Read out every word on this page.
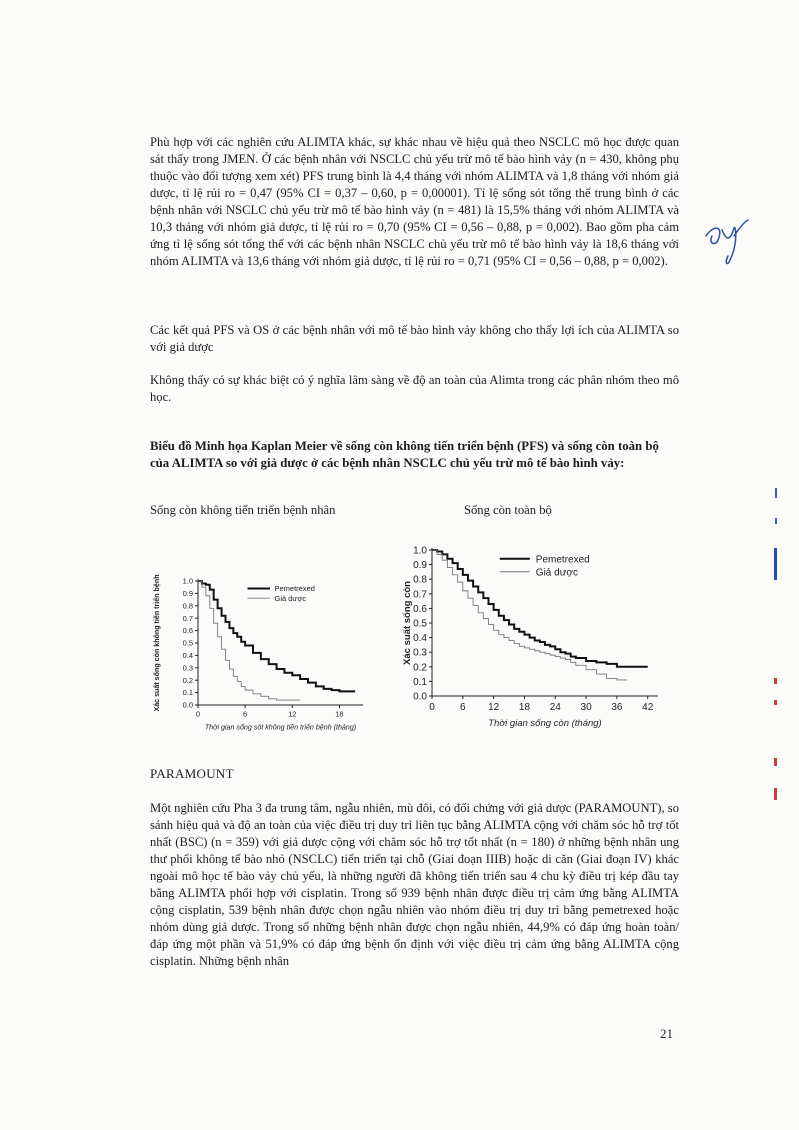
Phù hợp với các nghiên cứu ALIMTA khác, sự khác nhau về hiệu quả theo NSCLC mô học được quan sát thấy trong JMEN. Ở các bệnh nhân với NSCLC chủ yếu trừ mô tế bào hình vảy (n = 430, không phụ thuộc vào đối tượng xem xét) PFS trung bình là 4,4 tháng với nhóm ALIMTA và 1,8 tháng với nhóm giả dược, tỉ lệ rủi ro = 0,47 (95% CI = 0,37 – 0,60, p = 0,00001). Tỉ lệ sống sót tổng thể trung bình ở các bệnh nhân với NSCLC chủ yếu trừ mô tế bào hình vảy (n = 481) là 15,5% tháng với nhóm ALIMTA và 10,3 tháng với nhóm giả dược, tỉ lệ rủi ro = 0,70 (95% CI = 0,56 – 0,88, p = 0,002). Bao gồm pha cảm ứng tỉ lệ sống sót tổng thể với các bệnh nhân NSCLC chủ yếu trừ mô tế bào hình vảy là 18,6 tháng với nhóm ALIMTA và 13,6 tháng với nhóm giả dược, tỉ lệ rủi ro = 0,71 (95% CI = 0,56 – 0,88, p = 0,002).

Các kết quả PFS và OS ở các bệnh nhân với mô tế bào hình vảy không cho thấy lợi ích của ALIMTA so với giả dược

Không thấy có sự khác biệt có ý nghĩa lâm sàng về độ an toàn của Alimta trong các phân nhóm theo mô học.

Biểu đồ Minh họa Kaplan Meier về sống còn không tiến triển bệnh (PFS) và sống còn toàn bộ của ALIMTA so với giả dược ở các bệnh nhân NSCLC chủ yếu trừ mô tế bào hình vảy:

Sống còn không tiến triển bệnh nhân	Sống còn toàn bộ
0.0
0.1
0.2
0.3
0.4
0.5
0.6
0.7
0.8
0.9
1.0
0	6	12	18
Thời gian sống sót không tiến triển bệnh (tháng)
Xác suất sống còn không tiến triển bệnh	Pemetrexed
Giả dược
0.0
0.1
0.2
0.3
0.4
0.5
0.6
0.7
0.8
0.9
1.0
0	6 12 18 24 30 36 42
Thời gian sống còn (tháng)
Xác suất sống còn
Pemetrexed
Giả dược
PARAMOUNT

Một nghiên cứu Pha 3 đa trung tâm, ngẫu nhiên, mù đôi, có đối chứng với giả dược (PARAMOUNT), so sánh hiệu quả và độ an toàn của việc điều trị duy trì liên tục bằng ALIMTA cộng với chăm sóc hỗ trợ tốt nhất (BSC) (n = 359) với giả dược cộng với chăm sóc hỗ trợ tốt nhất (n = 180) ở những bệnh nhân ung thư phổi không tế bào nhỏ (NSCLC) tiến triển tại chỗ (Giai đoạn IIIB) hoặc di căn (Giai đoạn IV) khác ngoài mô học tế bào vảy chủ yếu, là những người đã không tiến triển sau 4 chu kỳ điều trị kép đầu tay bằng ALIMTA phối hợp với cisplatin. Trong số 939 bệnh nhân được điều trị cảm ứng bằng ALIMTA cộng cisplatin, 539 bệnh nhân được chọn ngẫu nhiên vào nhóm điều trị duy trì bằng pemetrexed hoặc nhóm dùng giả dược. Trong số những bệnh nhân được chọn ngẫu nhiên, 44,9% có đáp ứng hoàn toàn/đáp ứng một phần và 51,9% có đáp ứng bệnh ổn định với việc điều trị cảm ứng bằng ALIMTA cộng cisplatin. Những bệnh nhân

21
